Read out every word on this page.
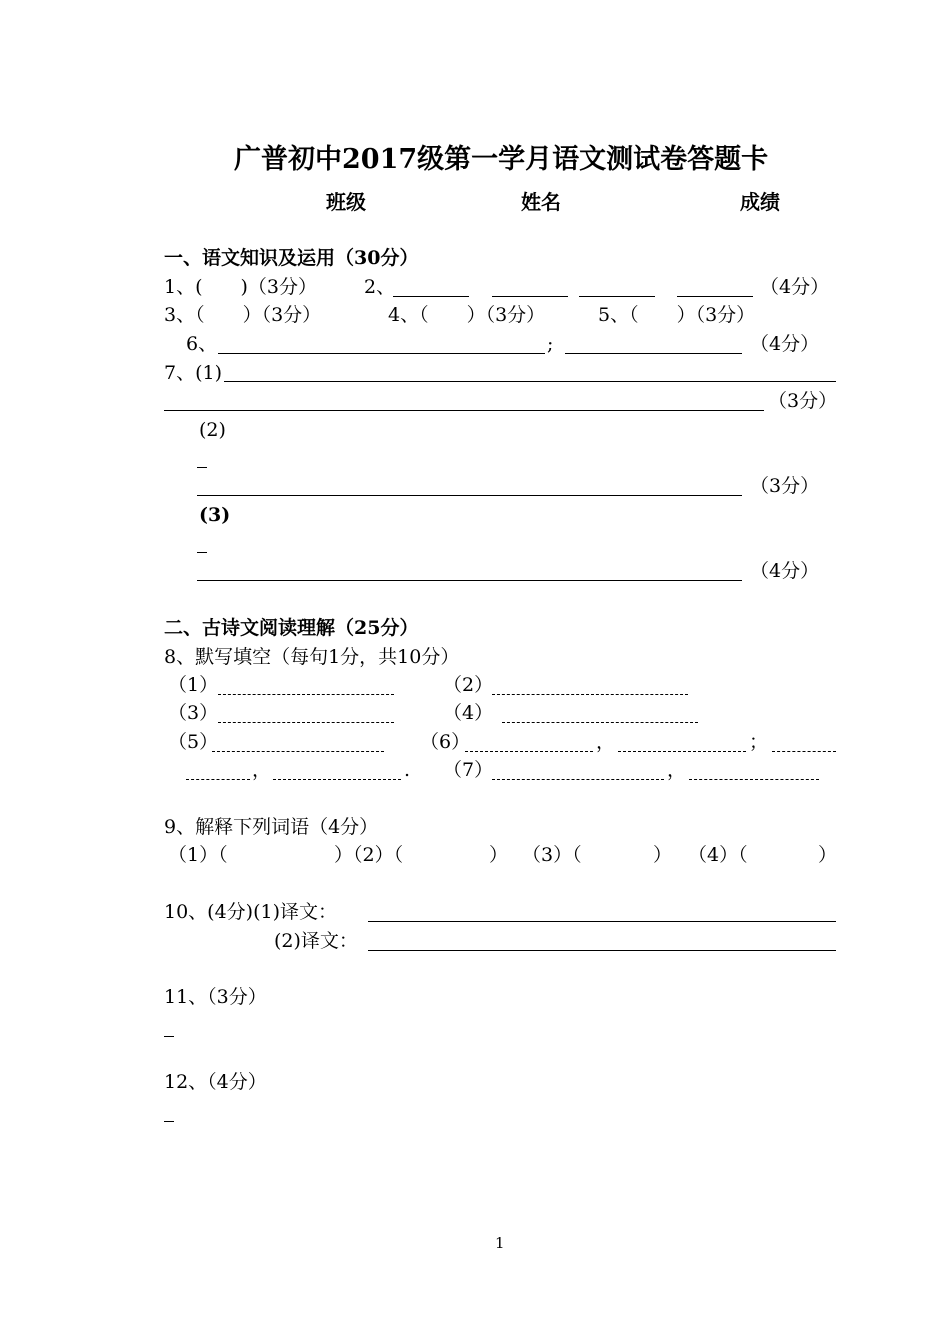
广普初中2017级第一学月语文测试卷答题卡
班级	姓名	成绩
一、语文知识及运用（30分）
1、(　　)（3分） 2、	（4分）
3、（　　）（3分）	4、（　　）（3分）	5、（　　）（3分）
6、	;	（4分）
7、(1)
（3分）
(2)
（3分）
(3)
（4分）
二、古诗文阅读理解（25分）
8、默写填空（每句1分，共10分）
（1）	（2）
（3）	（4）
（5）	（6）	，	；
，	. （7）	，
9、解释下列词语（4分）
（1）（	）（2）（	） （3）（	） （4）（	）
10、(4分)(1)译文：
(2)译文：
11、（3分）
12、（4分）
1
